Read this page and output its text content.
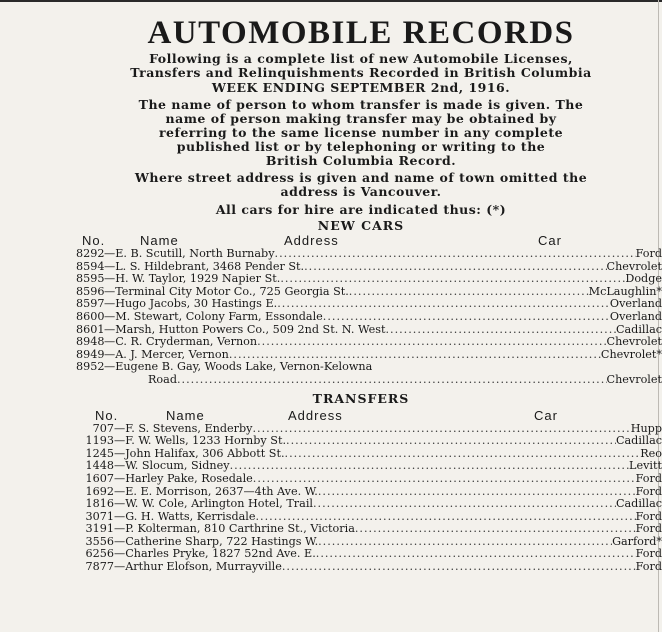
AUTOMOBILE RECORDS

Following is a complete list of new Automobile Licenses,

Transfers and Relinquishments Recorded in British Columbia

WEEK ENDING SEPTEMBER 2nd, 1916.

The name of person to whom transfer is made is given. The

name of person making transfer may be obtained by

referring to the same license number in any complete

published list or by telephoning or writing to the

British Columbia Record.

Where street address is given and name of town omitted the

address is Vancouver.

All cars for hire are indicated thus: (*)

NEW CARS
No.	Name	Address	Car
8292—E. B. Scutill, North Burnaby .....	Ford
8594—L. S. Hildebrant, 3468 Pender St. .....	Chevrolet
8595—H. W. Taylor, 1929 Napier St. .....	Dodge
8596—Terminal City Motor Co., 725 Georgia St. .....	McLaughlin*
8597—Hugo Jacobs, 30 Hastings E. .....	Overland
8600—M. Stewart, Colony Farm, Essondale .....	Overland
8601—Marsh, Hutton Powers Co., 509 2nd St. N. West .....	Cadillac
8948—C. R. Cryderman, Vernon .....	Chevrolet
8949—A. J. Mercer, Vernon .....	Chevrolet*
8952—Eugene B. Gay, Woods Lake, Vernon-Kelowna
Road .....	Chevrolet
TRANSFERS
No.	Name	Address	Car
707—F. S. Stevens, Enderby .....	Hupp
1193—F. W. Wells, 1233 Hornby St. .....	Cadillac
1245—John Halifax, 306 Abbott St. .....	Reo
1448—W. Slocum, Sidney .....	Levitt
1607—Harley Pake, Rosedale .....	Ford
1692—E. E. Morrison, 2637—4th Ave. W. .....	Ford
1816—W. W. Cole, Arlington Hotel, Trail .....	Cadillac
3071—G. H. Watts, Kerrisdale .....	Ford
3191—P. Kolterman, 810 Carthrine St., Victoria .....	Ford
3556—Catherine Sharp, 722 Hastings W. .....	Garford*
6256—Charles Pryke, 1827 52nd Ave. E. .....	Ford
7877—Arthur Elofson, Murrayville .....	Ford
